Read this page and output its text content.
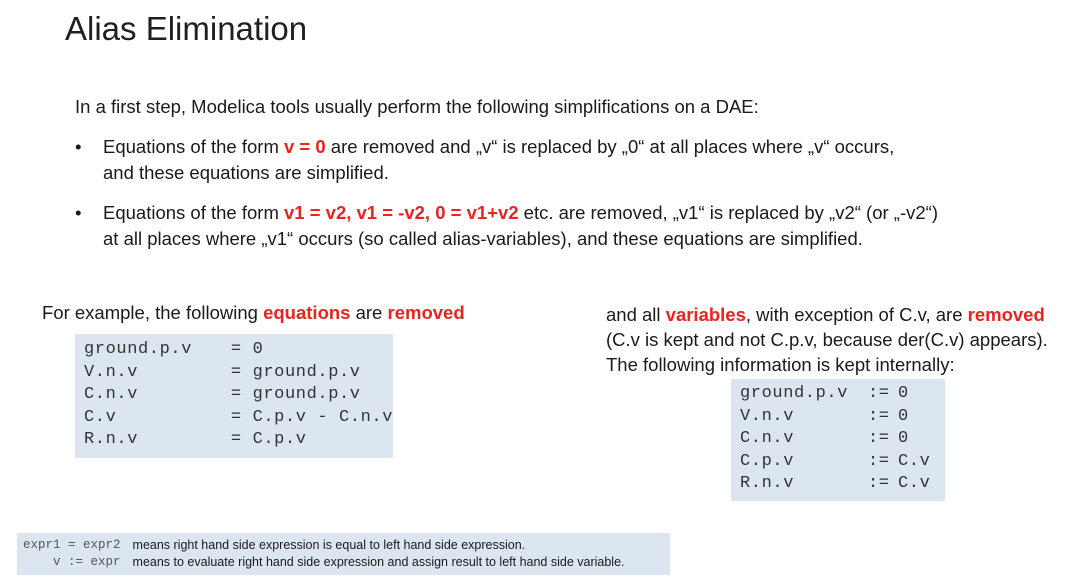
Alias Elimination
In a first step, Modelica tools usually perform the following simplifications on a DAE:
• Equations of the form v = 0 are removed and „v“ is replaced by „0“ at all places where „v“ occurs,
and these equations are simplified.
• Equations of the form v1 = v2, v1 = -v2, 0 = v1+v2 etc. are removed, „v1“ is replaced by „v2“ (or „-v2“)
at all places where „v1“ occurs (so called alias-variables), and these equations are simplified.
For example, the following equations are removed
ground.p.v	=	0
V.n.v	=	ground.p.v
C.n.v	=	ground.p.v
C.v	=	C.p.v - C.n.v
R.n.v	=	C.p.v
and all variables, with exception of C.v, are removed
(C.v is kept and not C.p.v, because der(C.v) appears).
The following information is kept internally:
ground.p.v	:=	0
V.n.v	:=	0
C.n.v	:=	0
C.p.v	:=	C.v
R.n.v	:=	C.v
expr1 = expr2	means right hand side expression is equal to left hand side expression.
v := expr	means to evaluate right hand side expression and assign result to left hand side variable.
